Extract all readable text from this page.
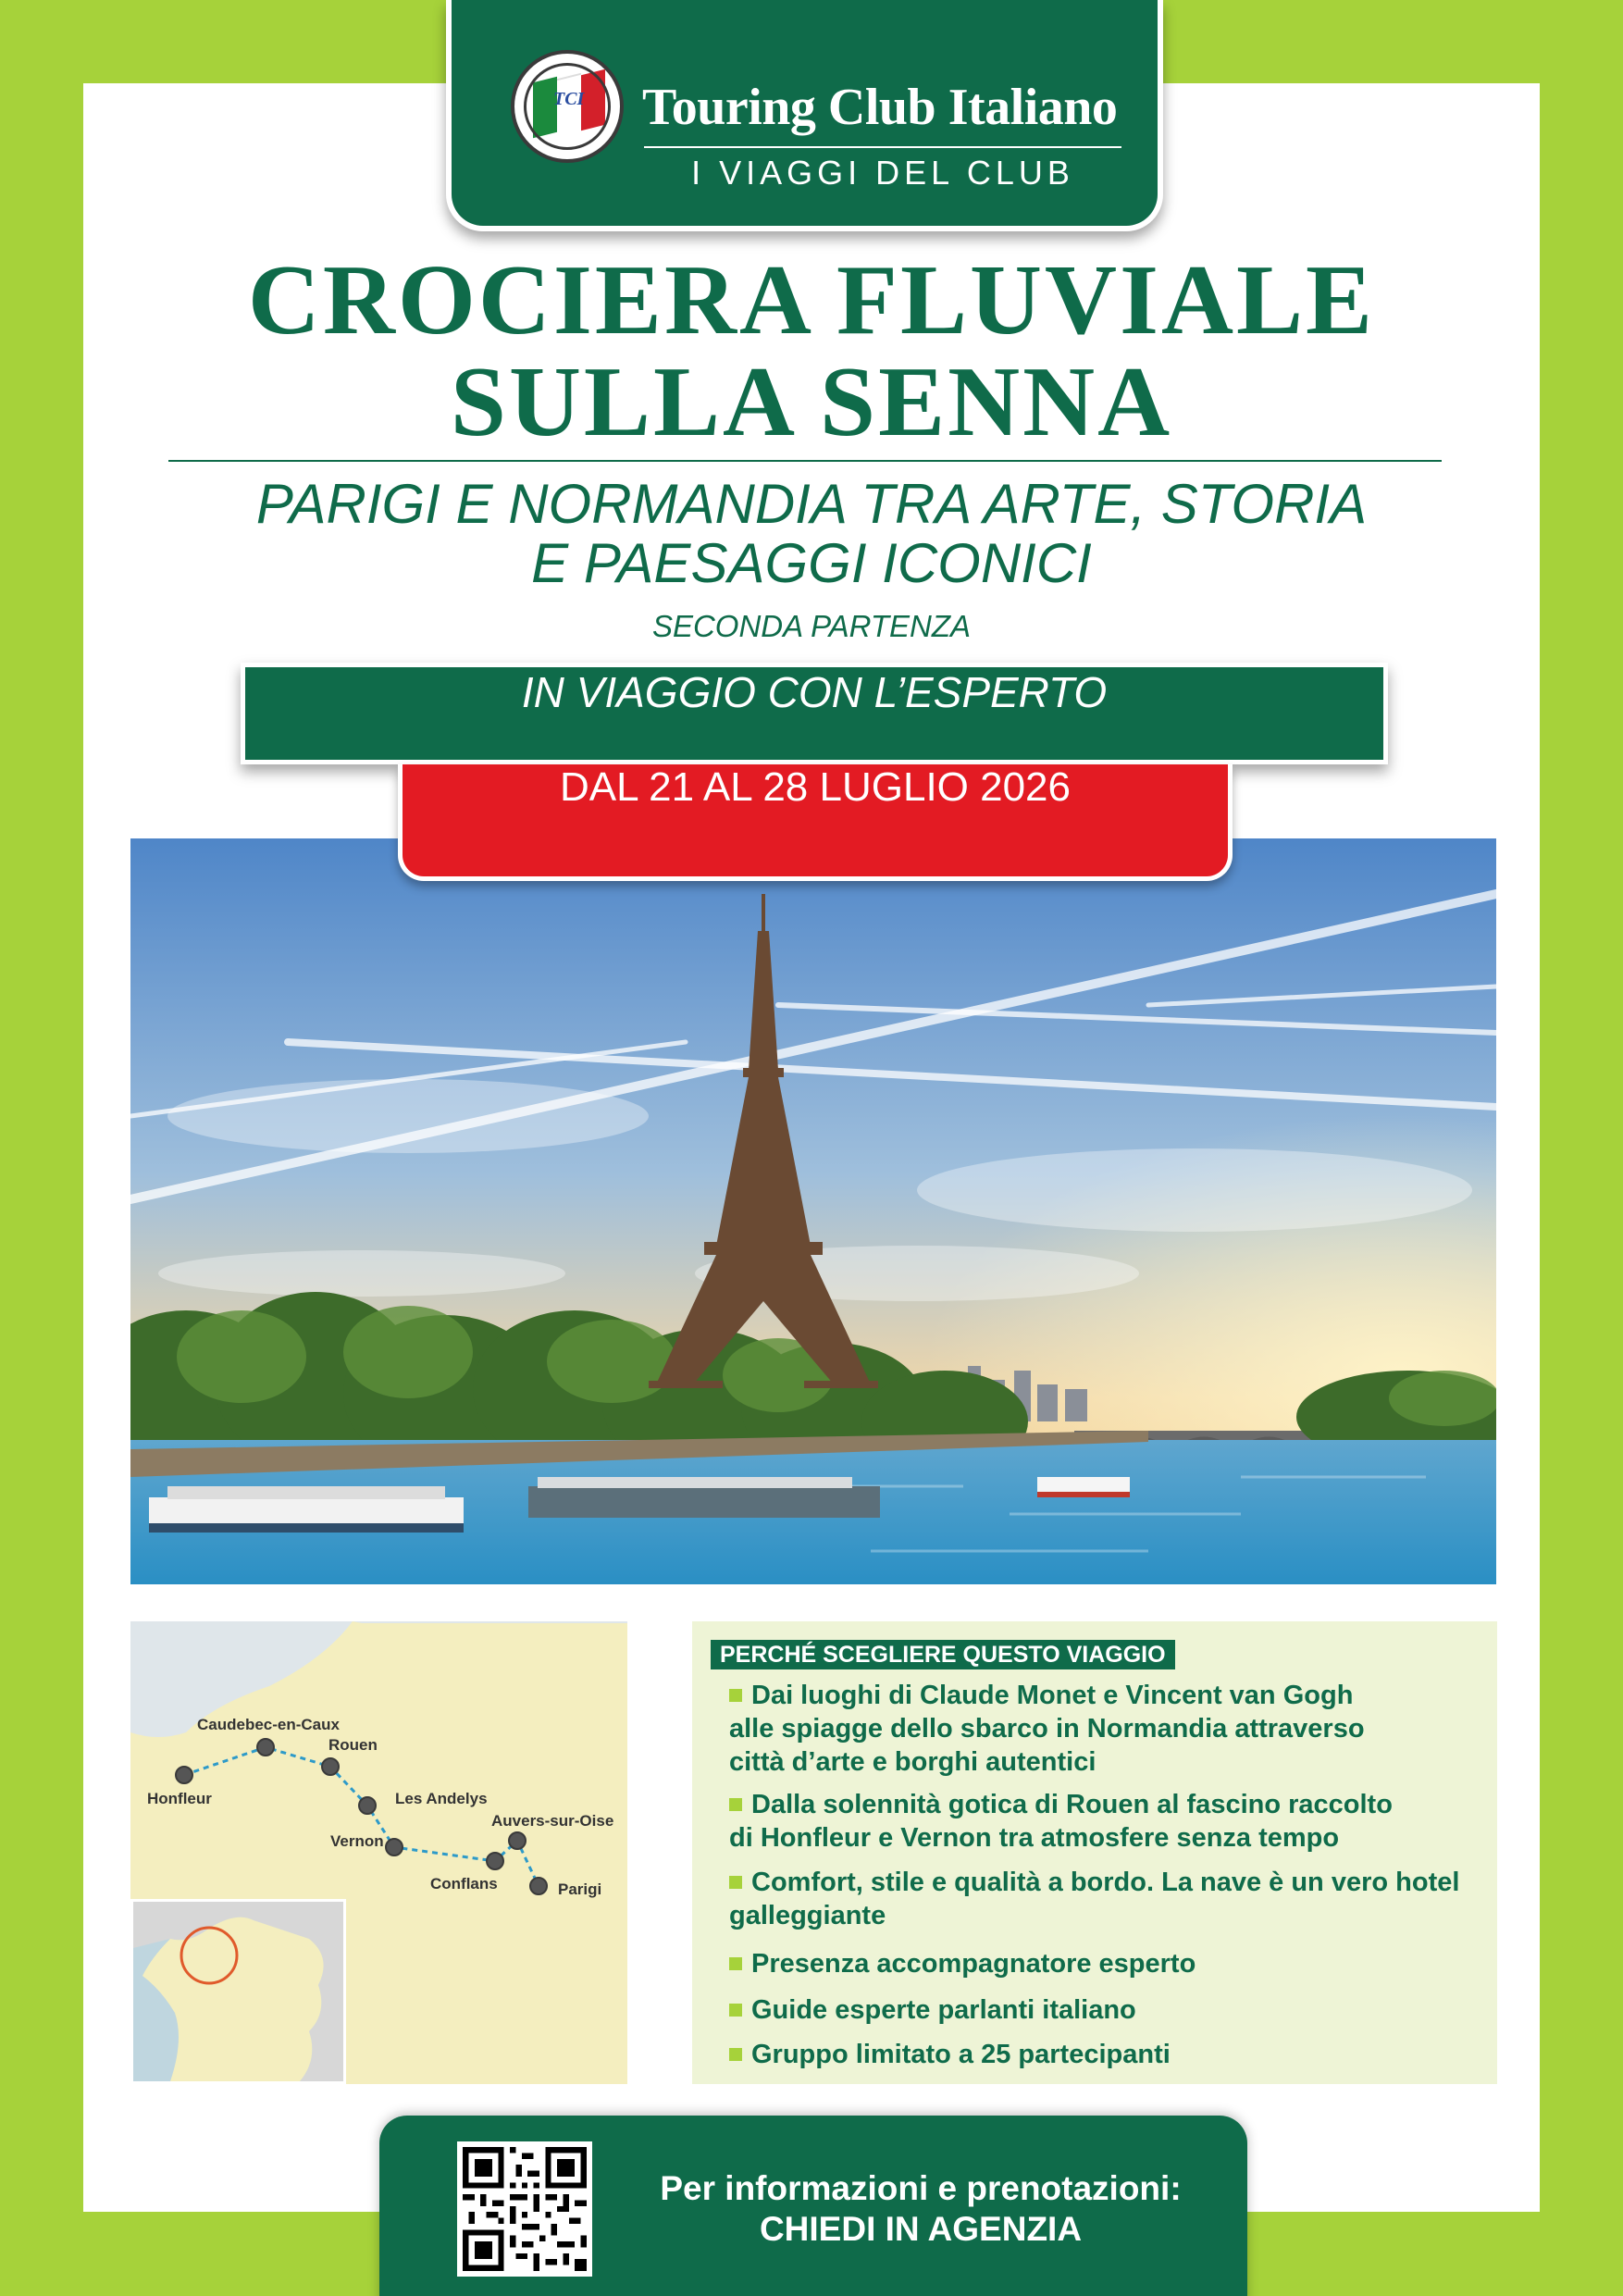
TCI Touring Club Italiano
I VIAGGI DEL CLUB
CROCIERA FLUVIALE
SULLA SENNA
PARIGI E NORMANDIA TRA ARTE, STORIA
E PAESAGGI ICONICI
SECONDA PARTENZA
IN VIAGGIO CON L’ESPERTO
DAL 21 AL 28 LUGLIO 2026
Honfleur
Caudebec-en-Caux
Rouen
Les Andelys
Vernon
Conflans
Auvers-sur-Oise
Parigi
PERCHÉ SCEGLIERE QUESTO VIAGGIO
Dai luoghi di Claude Monet e Vincent van Gogh
alle spiagge dello sbarco in Normandia attraverso
città d’arte e borghi autentici
Dalla solennità gotica di Rouen al fascino raccolto
di Honfleur e Vernon tra atmosfere senza tempo
Comfort, stile e qualità a bordo. La nave è un vero hotel
galleggiante
Presenza accompagnatore esperto
Guide esperte parlanti italiano
Gruppo limitato a 25 partecipanti
Per informazioni e prenotazioni:
CHIEDI IN AGENZIA
